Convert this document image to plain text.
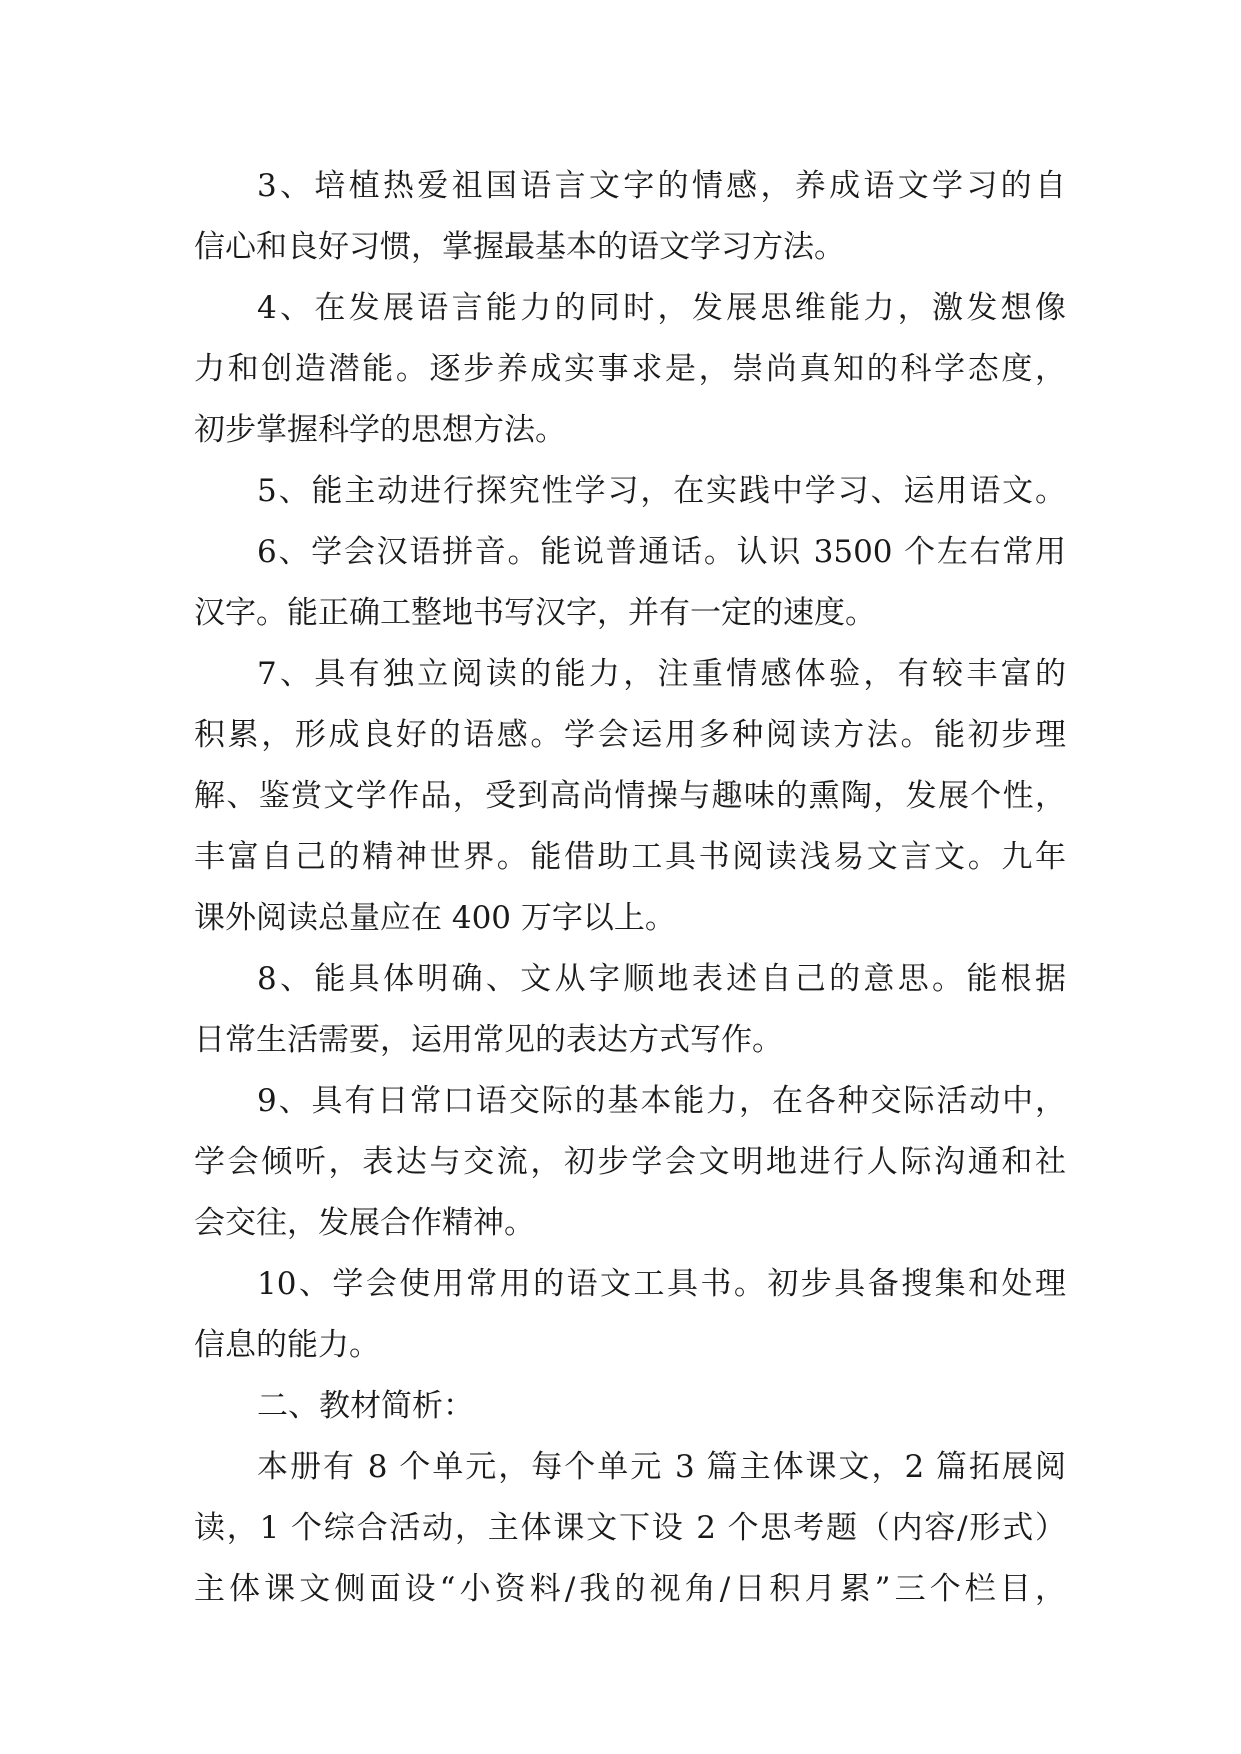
3、培植热爱祖国语言文字的情感，养成语文学习的自
信心和良好习惯，掌握最基本的语文学习方法。
4、在发展语言能力的同时，发展思维能力，激发想像
力和创造潜能。逐步养成实事求是，崇尚真知的科学态度，
初步掌握科学的思想方法。
5、能主动进行探究性学习，在实践中学习、运用语文。
6、学会汉语拼音。能说普通话。认识 3500 个左右常用
汉字。能正确工整地书写汉字，并有一定的速度。
7、具有独立阅读的能力，注重情感体验，有较丰富的
积累，形成良好的语感。学会运用多种阅读方法。能初步理
解、鉴赏文学作品，受到高尚情操与趣味的熏陶，发展个性，
丰富自己的精神世界。能借助工具书阅读浅易文言文。九年
课外阅读总量应在 400 万字以上。
8、能具体明确、文从字顺地表述自己的意思。能根据
日常生活需要，运用常见的表达方式写作。
9、具有日常口语交际的基本能力，在各种交际活动中，
学会倾听，表达与交流，初步学会文明地进行人际沟通和社
会交往，发展合作精神。
10、学会使用常用的语文工具书。初步具备搜集和处理
信息的能力。
二、教材简析：
本册有 8 个单元，每个单元 3 篇主体课文，2 篇拓展阅
读，1 个综合活动，主体课文下设 2 个思考题（内容/形式）
主体课文侧面设“小资料/我的视角/日积月累”三个栏目，
